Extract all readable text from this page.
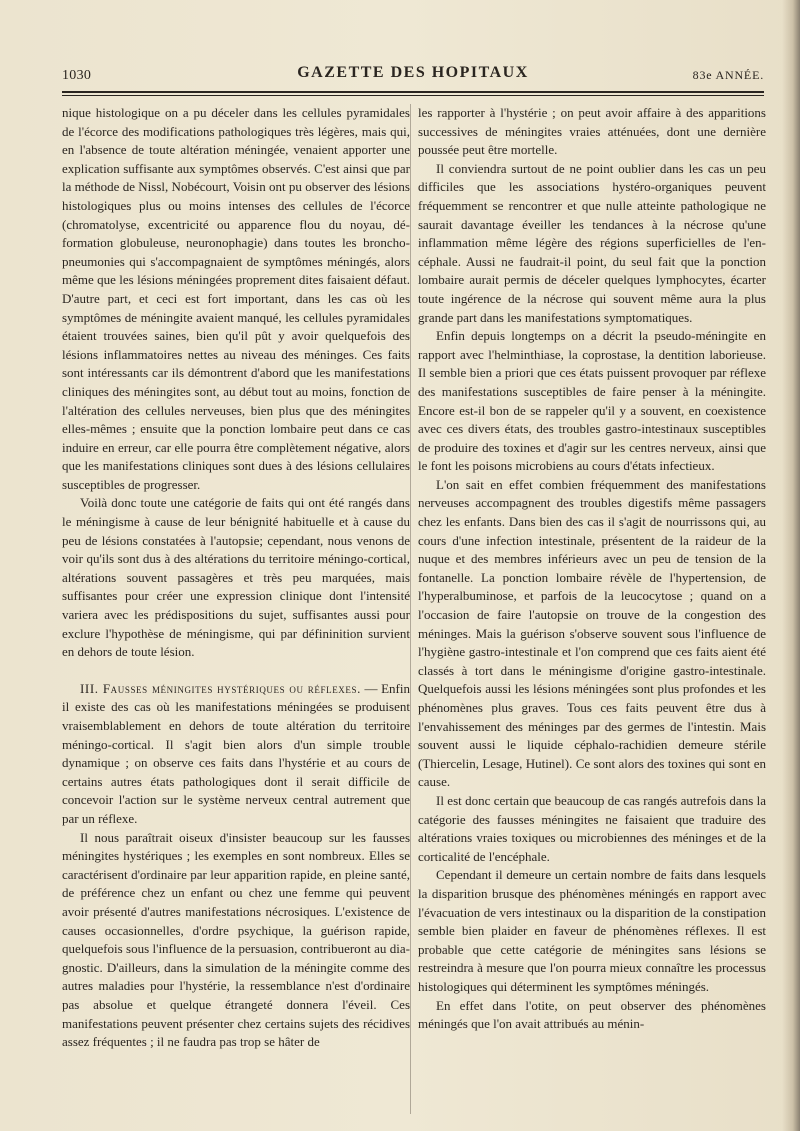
1030	GAZETTE DES HOPITAUX	83e ANNÉE.

nique histologique on a pu déceler dans les cellules pyramidales de l'écorce des modifications pathologiques très légères, mais qui, en l'absence de toute altération méningée, venaient apporter une explication suffisante aux symptômes observés. C'est ainsi que par la méthode de Nissl, Nobécourt, Voisin ont pu observer des lésions histologiques plus ou moins intenses des cellules de l'écorce (chromatolyse, excentricité ou apparence flou du noyau, déformation globuleuse, neuronophagie) dans toutes les broncho-pneumonies qui s'accompagnaient de symptômes méningés, alors même que les lésions méningées proprement dites faisaient défaut. D'autre part, et ceci est fort important, dans les cas où les symptômes de méningite avaient manqué, les cellules pyramidales étaient trouvées saines, bien qu'il pût y avoir quelquefois des lésions inflammatoires nettes au niveau des méninges. Ces faits sont intéressants car ils démontrent d'abord que les manifestations cliniques des méningites sont, au début tout au moins, fonction de l'altération des cellules nerveuses, bien plus que des méningites elles-mêmes ; ensuite que la ponction lombaire peut dans ce cas induire en erreur, car elle pourra être complètement négative, alors que les manifestations cliniques sont dues à des lésions cellulaires susceptibles de progresser.

Voilà donc toute une catégorie de faits qui ont été rangés dans le méningisme à cause de leur bénignité habituelle et à cause du peu de lésions constatées à l'autopsie; cependant, nous venons de voir qu'ils sont dus à des altérations du territoire méningo-cortical, altérations souvent passagères et très peu marquées, mais suffisantes pour créer une expression clinique dont l'intensité variera avec les prédispositions du sujet, suffisantes aussi pour exclure l'hypothèse de méningisme, qui par défininition survient en dehors de toute lésion.

III. Fausses méningites hystériques ou réflexes. — Enfin il existe des cas où les manifestations méningées se produisent vraisemblablement en dehors de toute altération du territoire méningo-cortical. Il s'agit bien alors d'un simple trouble dynamique ; on observe ces faits dans l'hystérie et au cours de certains autres états pathologiques dont il serait difficile de concevoir l'action sur le système nerveux central autrement que par un réflexe.

Il nous paraîtrait oiseux d'insister beaucoup sur les fausses méningites hystériques ; les exemples en sont nombreux. Elles se caractérisent d'ordinaire par leur apparition rapide, en pleine santé, de préférence chez un enfant ou chez une femme qui peuvent avoir présenté d'autres manifestations nécrosiques. L'existence de causes occasionnelles, d'ordre psychique, la guérison rapide, quelquefois sous l'influence de la persuasion, contribueront au diagnostic. D'ailleurs, dans la simulation de la méningite comme des autres maladies pour l'hystérie, la ressemblance n'est d'ordinaire pas absolue et quelque étrangeté donnera l'éveil. Ces manifestations peuvent présenter chez certains sujets des récidives assez fréquentes ; il ne faudra pas trop se hâter de

les rapporter à l'hystérie ; on peut avoir affaire à des apparitions successives de méningites vraies atténuées, dont une dernière poussée peut être mortelle.

Il conviendra surtout de ne point oublier dans les cas un peu difficiles que les associations hystéro-organiques peuvent fréquemment se rencontrer et que nulle atteinte pathologique ne saurait davantage éveiller les tendances à la nécrose qu'une inflammation même légère des régions superficielles de l'encéphale. Aussi ne faudrait-il point, du seul fait que la ponction lombaire aurait permis de déceler quelques lymphocytes, écarter toute ingérence de la nécrose qui souvent même aura la plus grande part dans les manifestations symptomatiques.

Enfin depuis longtemps on a décrit la pseudo-méningite en rapport avec l'helminthiase, la coprostase, la dentition laborieuse. Il semble bien a priori que ces états puissent provoquer par réflexe des manifestations susceptibles de faire penser à la méningite. Encore est-il bon de se rappeler qu'il y a souvent, en coexistence avec ces divers états, des troubles gastro-intestinaux susceptibles de produire des toxines et d'agir sur les centres nerveux, ainsi que le font les poisons microbiens au cours d'états infectieux.

L'on sait en effet combien fréquemment des manifestations nerveuses accompagnent des troubles digestifs même passagers chez les enfants. Dans bien des cas il s'agit de nourrissons qui, au cours d'une infection intestinale, présentent de la raideur de la nuque et des membres inférieurs avec un peu de tension de la fontanelle. La ponction lombaire révèle de l'hypertension, de l'hyperalbuminose, et parfois de la leucocytose ; quand on a l'occasion de faire l'autopsie on trouve de la congestion des méninges. Mais la guérison s'observe souvent sous l'influence de l'hygiène gastro-intestinale et l'on comprend que ces faits aient été classés à tort dans le méningisme d'origine gastro-intestinale. Quelquefois aussi les lésions méningées sont plus profondes et les phénomènes plus graves. Tous ces faits peuvent être dus à l'envahissement des méninges par des germes de l'intestin. Mais souvent aussi le liquide céphalo-rachidien demeure stérile (Thiercelin, Lesage, Hutinel). Ce sont alors des toxines qui sont en cause.

Il est donc certain que beaucoup de cas rangés autrefois dans la catégorie des fausses méningites ne faisaient que traduire des altérations vraies toxiques ou microbiennes des méninges et de la corticalité de l'encéphale.

Cependant il demeure un certain nombre de faits dans lesquels la disparition brusque des phénomènes méningés en rapport avec l'évacuation de vers intestinaux ou la disparition de la constipation semble bien plaider en faveur de phénomènes réflexes. Il est probable que cette catégorie de méningites sans lésions se restreindra à mesure que l'on pourra mieux connaître les processus histologiques qui déterminent les symptômes méningés.

En effet dans l'otite, on peut observer des phénomènes méningés que l'on avait attribués au ménin-
